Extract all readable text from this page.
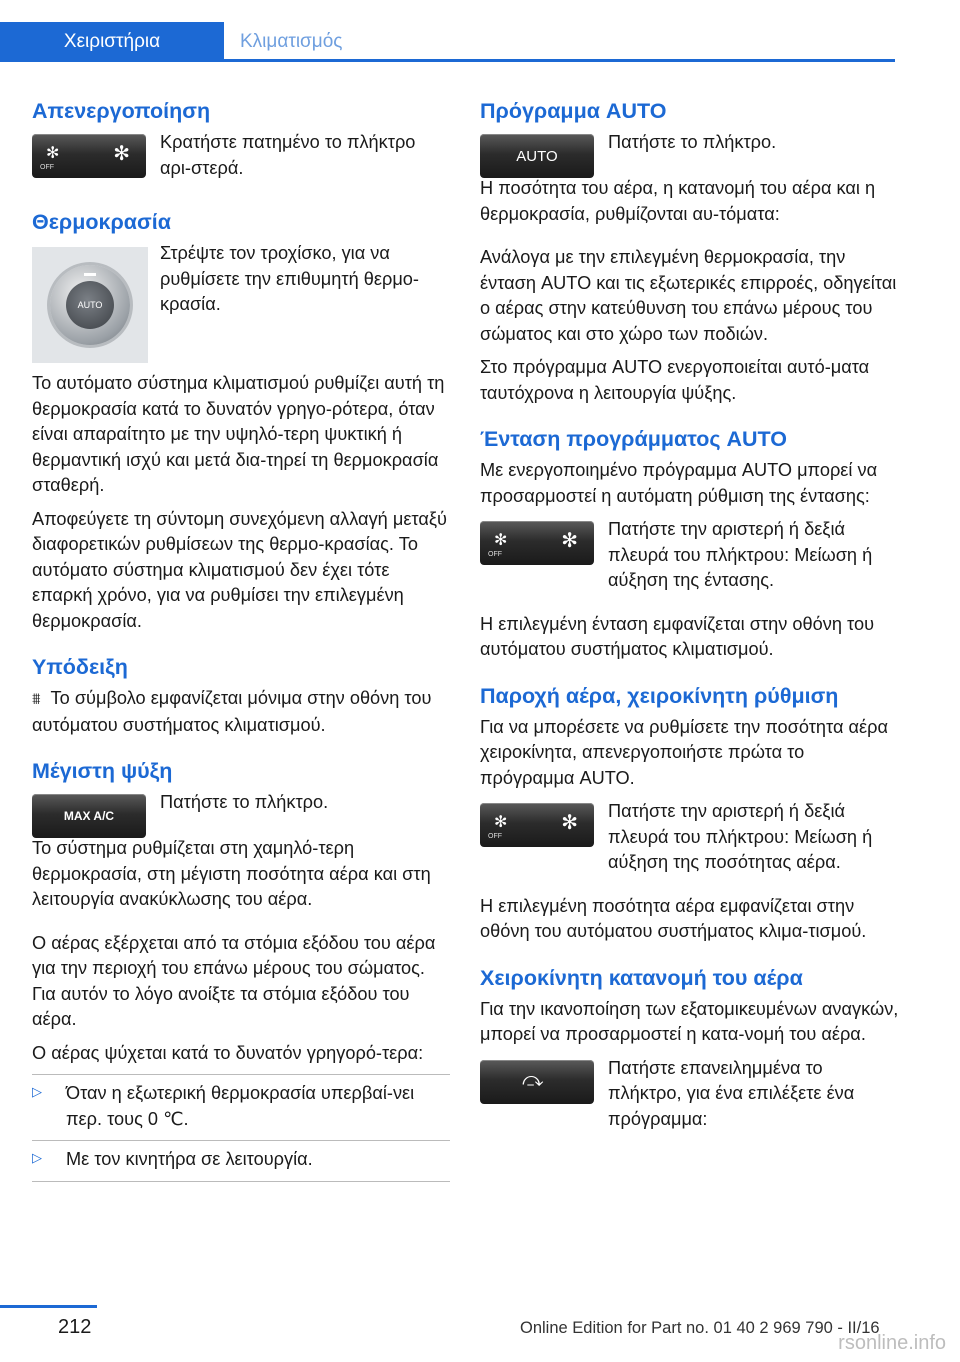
Χειριστήρια	Κλιματισμός
Απενεργοποίηση
✻
OFF
✻

Κρατήστε πατημένο το πλήκτρο αρι-στερά.

Θερμοκρασία
AUTO

Στρέψτε τον τροχίσκο, για να ρυθμίσετε την επιθυμητή θερμο-κρασία.

Το αυτόματο σύστημα κλιματισμού ρυθμίζει αυτή τη θερμοκρασία κατά το δυνατόν γρηγο-ρότερα, όταν είναι απαραίτητο με την υψηλό-τερη ψυκτική ή θερμαντική ισχύ και μετά δια-τηρεί τη θερμοκρασία σταθερή.

Αποφεύγετε τη σύντομη συνεχόμενη αλλαγή μεταξύ διαφορετικών ρυθμίσεων της θερμο-κρασίας. Το αυτόματο σύστημα κλιματισμού δεν έχει τότε επαρκή χρόνο, για να ρυθμίσει την επιλεγμένη θερμοκρασία.

Υπόδειξη

⩩ Το σύμβολο εμφανίζεται μόνιμα στην οθόνη του αυτόματου συστήματος κλιματισμού.

Μέγιστη ψύξη
MAX A/C

Πατήστε το πλήκτρο.

Το σύστημα ρυθμίζεται στη χαμηλό-τερη θερμοκρασία, στη μέγιστη ποσότητα αέρα και στη λειτουργία ανακύκλωσης του αέρα.

Ο αέρας εξέρχεται από τα στόμια εξόδου του αέρα για την περιοχή του επάνω μέρους του σώματος. Για αυτόν το λόγο ανοίξτε τα στόμια εξόδου του αέρα.

Ο αέρας ψύχεται κατά το δυνατόν γρηγορό-τερα:

▷	Όταν η εξωτερική θερμοκρασία υπερβαί-νει περ. τους 0 ℃.

▷	Με τον κινητήρα σε λειτουργία.

Πρόγραμμα AUTO
AUTO

Πατήστε το πλήκτρο.

Η ποσότητα του αέρα, η κατανομή του αέρα και η θερμοκρασία, ρυθμίζονται αυ-τόματα:

Ανάλογα με την επιλεγμένη θερμοκρασία, την ένταση AUTO και τις εξωτερικές επιρροές, οδηγείται ο αέρας στην κατεύθυνση του επάνω μέρους του σώματος και στο χώρο των ποδιών.

Στο πρόγραμμα AUTO ενεργοποιείται αυτό-ματα ταυτόχρονα η λειτουργία ψύξης.

Ένταση προγράμματος AUTO

Με ενεργοποιημένο πρόγραμμα AUTO μπορεί να προσαρμοστεί η αυτόματη ρύθμιση της έντασης:

✻
OFF
✻

Πατήστε την αριστερή ή δεξιά πλευρά του πλήκτρου: Μείωση ή αύξηση της έντασης.

Η επιλεγμένη ένταση εμφανίζεται στην οθόνη του αυτόματου συστήματος κλιματισμού.

Παροχή αέρα, χειροκίνητη ρύθμιση

Για να μπορέσετε να ρυθμίσετε την ποσότητα αέρα χειροκίνητα, απενεργοποιήστε πρώτα το πρόγραμμα AUTO.

✻
OFF
✻

Πατήστε την αριστερή ή δεξιά πλευρά του πλήκτρου: Μείωση ή αύξηση της ποσότητας αέρα.

Η επιλεγμένη ποσότητα αέρα εμφανίζεται στην οθόνη του αυτόματου συστήματος κλιμα-τισμού.

Χειροκίνητη κατανομή του αέρα

Για την ικανοποίηση των εξατομικευμένων αναγκών, μπορεί να προσαρμοστεί η κατα-νομή του αέρα.

⤼

Πατήστε επανειλημμένα το πλήκτρο, για ένα επιλέξετε ένα πρόγραμμα:

212	Online Edition for Part no. 01 40 2 969 790 - II/16
rsonline.info
